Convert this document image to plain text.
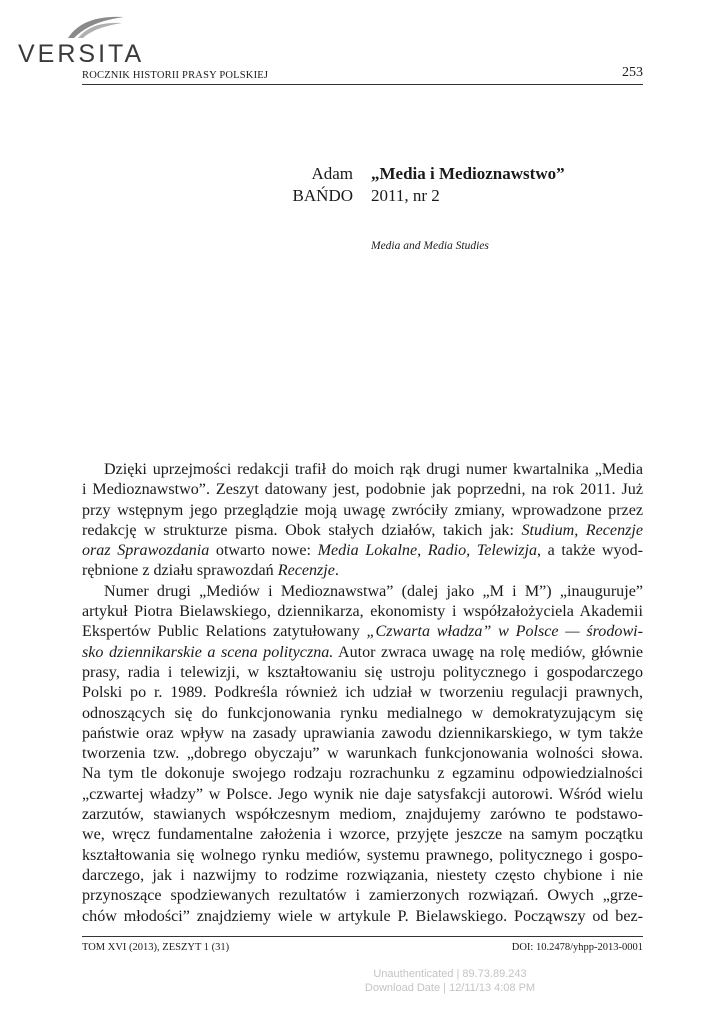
VERSITA
ROCZNIK HISTORII PRASY POLSKIEJ	253
Adam
BAŃDO
„Media i Medioznawstwo”
2011, nr 2
Media and Media Studies
Dzięki uprzejmości redakcji trafił do moich rąk drugi numer kwartalnika „Media
i Medioznawstwo”. Zeszyt datowany jest, podobnie jak poprzedni, na rok 2011. Już
przy wstępnym jego przeglądzie moją uwagę zwróciły zmiany, wprowadzone przez
redakcję w strukturze pisma. Obok stałych działów, takich jak: Studium, Recenzje
oraz Sprawozdania otwarto nowe: Media Lokalne, Radio, Telewizja, a także wyod-
rębnione z działu sprawozdań Recenzje.
Numer drugi „Mediów i Medioznawstwa” (dalej jako „M i M”) „inauguruje”
artykuł Piotra Bielawskiego, dziennikarza, ekonomisty i współzałożyciela Akademii
Ekspertów Public Relations zatytułowany „Czwarta władza” w Polsce — środowi-
sko dziennikarskie a scena polityczna. Autor zwraca uwagę na rolę mediów, głównie
prasy, radia i telewizji, w kształtowaniu się ustroju politycznego i gospodarczego
Polski po r. 1989. Podkreśla również ich udział w tworzeniu regulacji prawnych,
odnoszących się do funkcjonowania rynku medialnego w demokratyzującym się
państwie oraz wpływ na zasady uprawiania zawodu dziennikarskiego, w tym także
tworzenia tzw. „dobrego obyczaju” w warunkach funkcjonowania wolności słowa.
Na tym tle dokonuje swojego rodzaju rozrachunku z egzaminu odpowiedzialności
„czwartej władzy” w Polsce. Jego wynik nie daje satysfakcji autorowi. Wśród wielu
zarzutów, stawianych współczesnym mediom, znajdujemy zarówno te podstawo-
we, wręcz fundamentalne założenia i wzorce, przyjęte jeszcze na samym początku
kształtowania się wolnego rynku mediów, systemu prawnego, politycznego i gospo-
darczego, jak i nazwijmy to rodzime rozwiązania, niestety często chybione i nie
przynoszące spodziewanych rezultatów i zamierzonych rozwiązań. Owych „grze-
chów młodości” znajdziemy wiele w artykule P. Bielawskiego. Począwszy od bez-
TOM XVI (2013), ZESZYT 1 (31)	DOI: 10.2478/yhpp-2013-0001
Unauthenticated | 89.73.89.243
Download Date | 12/11/13 4:08 PM
